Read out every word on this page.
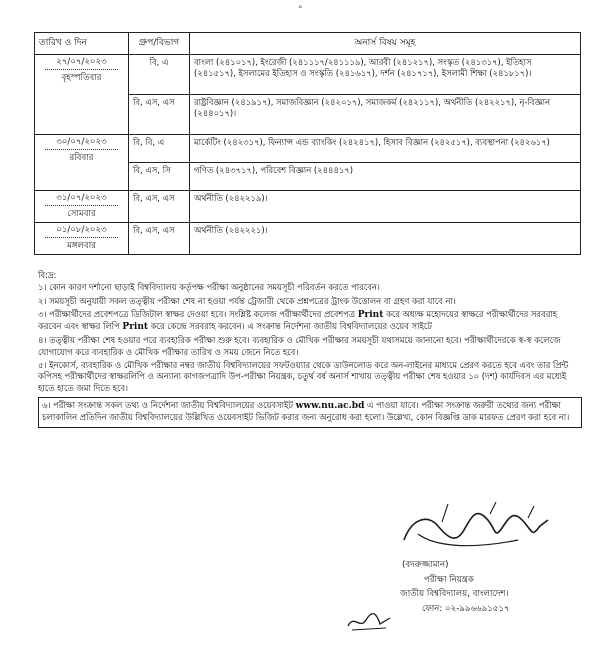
°
তারিখ ও দিন	গ্রুপ/বিভাগ	অনার্স বিষয় সমূহ

২৭/০৭/২০২৩
বৃহস্পতিবার	বি, এ	বাংলা (২৪১০১৭), ইংরেজী (২৪১১১৭/২৪১১১৯), আরবী (২৪১২১৭), সংস্কৃত (২৪১৩১৭), ইতিহাস (২৪১৫১৭), ইসলামের ইতিহাস ও সংস্কৃতি (২৪১৬১৭), দর্শন (২৪১৭১৭), ইসলামী শিক্ষা (২৪১৮১৭)।
	বি, এস, এস	রাষ্ট্রবিজ্ঞান (২৪১৯১৭), সমাজবিজ্ঞান (২৪২০১৭), সমাজকর্ম (২৪২১১৭), অর্থনীতি (২৪২২১৭), নৃ-বিজ্ঞান (২৪৪০১৭)।

৩০/০৭/২০২৩
রবিবার	বি, বি, এ	মার্কেটিং (২৪২৩১৭), ফিন্যান্স এন্ড ব্যাংকিং (২৪২৪১৭), হিসাব বিজ্ঞান (২৪২৫১৭), ব্যবস্থাপনা (২৪২৬১৭)
	বি, এস, সি	গণিত (২৪৩৭১৭), পরিবেশ বিজ্ঞান (২৪৪৪১৭)

৩১/০৭/২০২৩
সোমবার	বি, এস, এস	অর্থনীতি (২৪২২১৯)।

০১/০৮/২০২৩
মঙ্গলবার	বি, এস, এস	অর্থনীতি (২৪২২২১)।
বি:দ্র:
১। কোন কারণ দর্শানো ছাড়াই বিশ্ববিদ্যালয় কর্তৃপক্ষ পরীক্ষা অনুষ্ঠানের সময়সূচী পরিবর্তন করতে পারবেন।
২। সময়সূচী অনুযায়ী সকল তত্ত্বীয় পরীক্ষা শেষ না হওয়া পর্যন্ত ট্রেজারী থেকে প্রশ্নপত্রের ট্রাংক উত্তোলন বা গ্রহণ করা যাবে না।
৩। পরীক্ষার্থীদের প্রবেশপত্রে ডিজিটাল স্বাক্ষর দেওয়া হবে। সংশ্লিষ্ট কলেজ পরীক্ষার্থীদের প্রবেশপত্র Print করে অধ্যক্ষ মহোদয়ের স্বাক্ষরে পরীক্ষার্থীদের সরবরাহ করবেন এবং স্বাক্ষর লিপি Print করে কেন্দ্রে সরবরাহ করবেন। এ সংক্রান্ত নির্দেশনা জাতীয় বিশ্ববিদ্যালয়ের ওয়েব সাইটে
৪। তত্ত্বীয় পরীক্ষা শেষ হওয়ার পরে ব্যবহারিক পরীক্ষা শুরু হবে। ব্যবহারিক ও মৌখিক পরীক্ষার সময়সূচী যথাসময়ে জানানো হবে। পরীক্ষার্থীদেরকে স্ব-স্ব কলেজে যোগাযোগ করে ব্যবহারিক ও মৌখিক পরীক্ষার তারিখ ও সময় জেনে নিতে হবে।
৫। ইনকোর্স, ব্যবহারিক ও মৌখিক পরীক্ষার নম্বর জাতীয় বিশ্ববিদ্যালয়ের সফটওয়্যার থেকে ডাউনলোড করে অন-লাইনের মাধ্যমে প্রেরণ করতে হবে এবং তার প্রিন্ট কপিসহ পরীক্ষার্থীদের স্বাক্ষরলিপি ও অন্যান্য কাগজপত্রাদি উপ-পরীক্ষা নিয়ন্ত্রক, চতুর্থ বর্ষ অনার্স শাখায় তত্ত্বীয় পরীক্ষা শেষ হওয়ার ১০ (দশ) কার্যদিবস এর মধ্যেই হাতে হাতে জমা দিতে হবে।
৬। পরীক্ষা সংক্রান্ত সকল তথ্য ও নির্দেশনা জাতীয় বিশ্ববিদ্যালয়ের ওয়েবসাইট www.nu.ac.bd এ পাওয়া যাবে। পরীক্ষা সংক্রান্ত জরুরী তথ্যের জন্য পরীক্ষা চলাকালিন প্রতিদিন জাতীয় বিশ্ববিদ্যালয়ের উল্লিখিত ওয়েবসাইট ভিজিট করার জন্য অনুরোধ করা হলো। উল্লেখ্য, কোন বিজ্ঞপ্তি ডাক মারফত প্রেরণ করা হবে না।
(বদরুজ্জামান)
পরীক্ষা নিয়ন্ত্রক
জাতীয় বিশ্ববিদ্যালয়, বাংলাদেশ।
ফোন: ০২-৯৯৬৬৯১৫১৭
